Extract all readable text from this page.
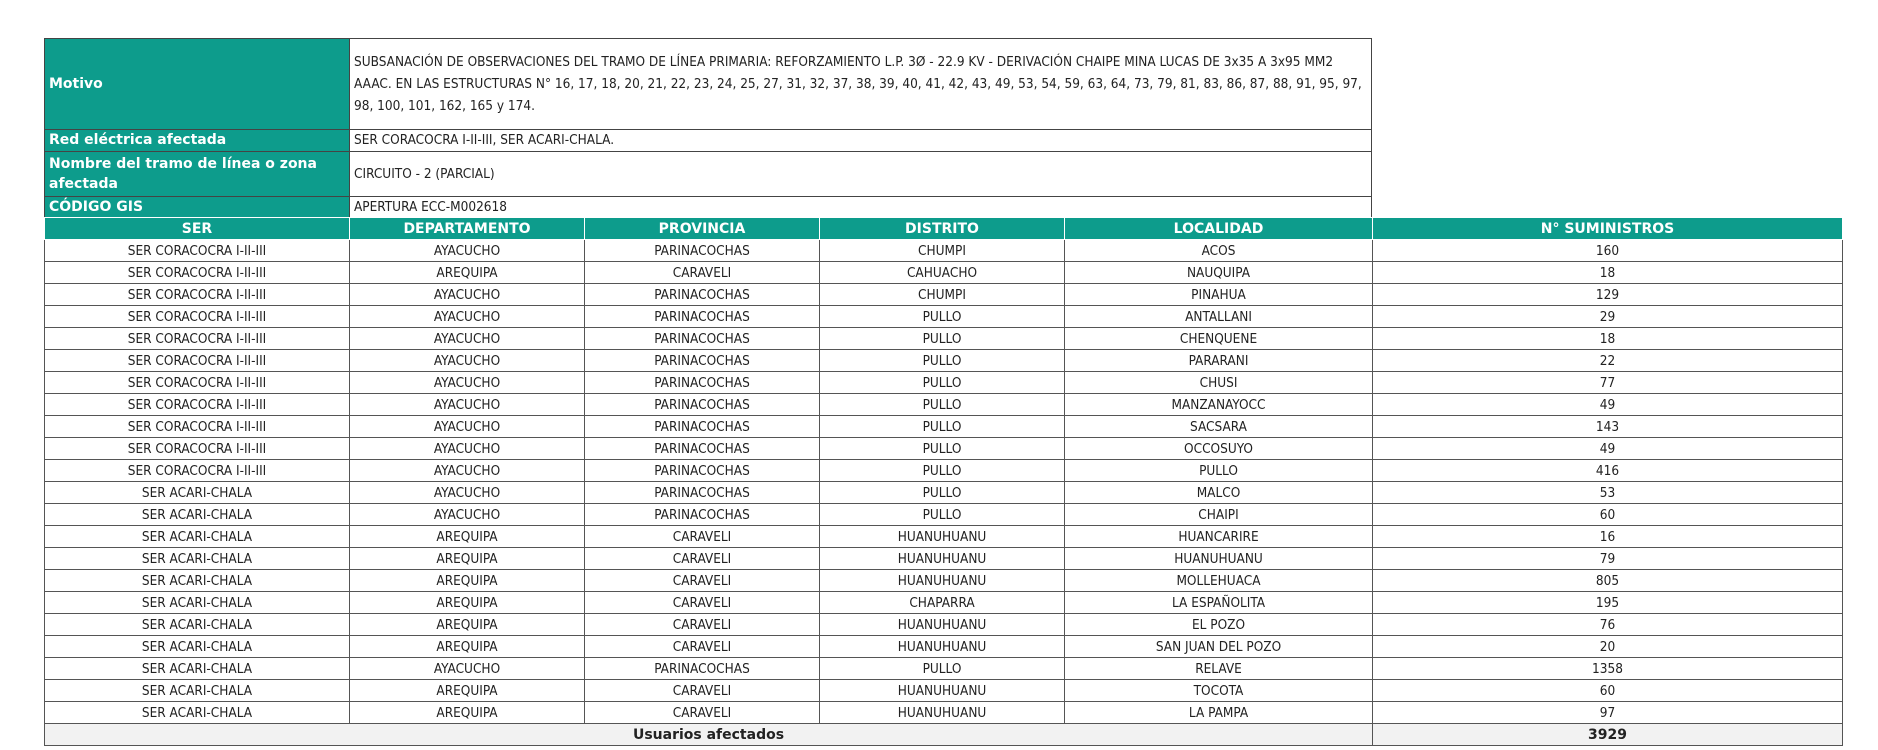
Motivo	SUBSANACIÓN DE OBSERVACIONES DEL TRAMO DE LÍNEA PRIMARIA: REFORZAMIENTO L.P. 3Ø - 22.9 KV - DERIVACIÓN CHAIPE MINA LUCAS DE 3x35 A 3x95 MM2 AAAC. EN LAS ESTRUCTURAS N° 16, 17, 18, 20, 21, 22, 23, 24, 25, 27, 31, 32, 37, 38, 39, 40, 41, 42, 43, 49, 53, 54, 59, 63, 64, 73, 79, 81, 83, 86, 87, 88, 91, 95, 97, 98, 100, 101, 162, 165 y 174.
Red eléctrica afectada	SER CORACOCRA I-II-III, SER ACARI-CHALA.
Nombre del tramo de línea o zona afectada	CIRCUITO - 2 (PARCIAL)
CÓDIGO GIS	APERTURA ECC-M002618
SER	DEPARTAMENTO	PROVINCIA	DISTRITO	LOCALIDAD	N° SUMINISTROS
SER CORACOCRA I-II-III	AYACUCHO	PARINACOCHAS	CHUMPI	ACOS	160
SER CORACOCRA I-II-III	AREQUIPA	CARAVELI	CAHUACHO	NAUQUIPA	18
SER CORACOCRA I-II-III	AYACUCHO	PARINACOCHAS	CHUMPI	PINAHUA	129
SER CORACOCRA I-II-III	AYACUCHO	PARINACOCHAS	PULLO	ANTALLANI	29
SER CORACOCRA I-II-III	AYACUCHO	PARINACOCHAS	PULLO	CHENQUENE	18
SER CORACOCRA I-II-III	AYACUCHO	PARINACOCHAS	PULLO	PARARANI	22
SER CORACOCRA I-II-III	AYACUCHO	PARINACOCHAS	PULLO	CHUSI	77
SER CORACOCRA I-II-III	AYACUCHO	PARINACOCHAS	PULLO	MANZANAYOCC	49
SER CORACOCRA I-II-III	AYACUCHO	PARINACOCHAS	PULLO	SACSARA	143
SER CORACOCRA I-II-III	AYACUCHO	PARINACOCHAS	PULLO	OCCOSUYO	49
SER CORACOCRA I-II-III	AYACUCHO	PARINACOCHAS	PULLO	PULLO	416
SER ACARI-CHALA	AYACUCHO	PARINACOCHAS	PULLO	MALCO	53
SER ACARI-CHALA	AYACUCHO	PARINACOCHAS	PULLO	CHAIPI	60
SER ACARI-CHALA	AREQUIPA	CARAVELI	HUANUHUANU	HUANCARIRE	16
SER ACARI-CHALA	AREQUIPA	CARAVELI	HUANUHUANU	HUANUHUANU	79
SER ACARI-CHALA	AREQUIPA	CARAVELI	HUANUHUANU	MOLLEHUACA	805
SER ACARI-CHALA	AREQUIPA	CARAVELI	CHAPARRA	LA ESPAÑOLITA	195
SER ACARI-CHALA	AREQUIPA	CARAVELI	HUANUHUANU	EL POZO	76
SER ACARI-CHALA	AREQUIPA	CARAVELI	HUANUHUANU	SAN JUAN DEL POZO	20
SER ACARI-CHALA	AYACUCHO	PARINACOCHAS	PULLO	RELAVE	1358
SER ACARI-CHALA	AREQUIPA	CARAVELI	HUANUHUANU	TOCOTA	60
SER ACARI-CHALA	AREQUIPA	CARAVELI	HUANUHUANU	LA PAMPA	97
Usuarios afectados					3929
